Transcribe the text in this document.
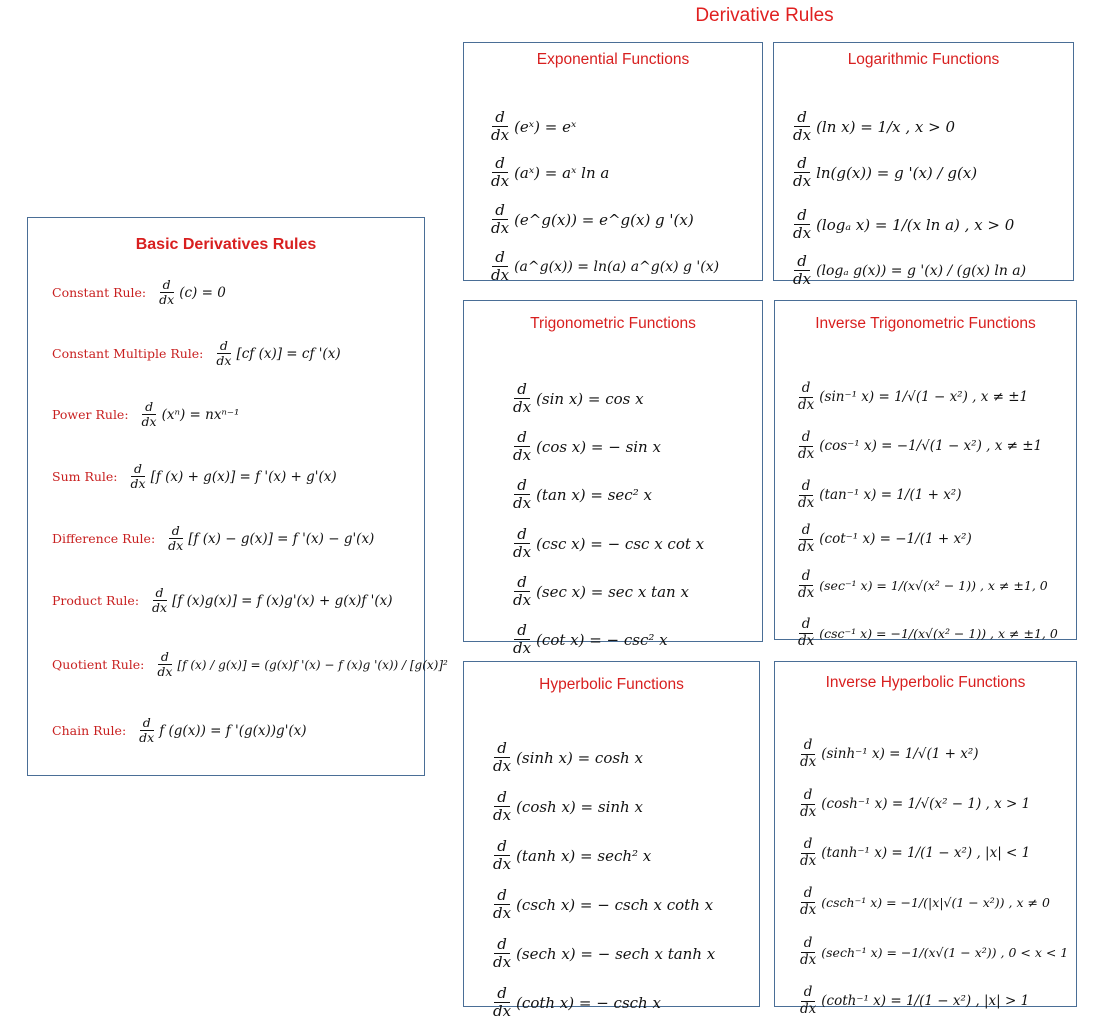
Derivative Rules
Basic Derivatives Rules
Constant Rule: $\frac{d}{dx} (c) = 0$
Constant Multiple Rule: $\frac{d}{dx} [cf$ (x)] = cf '(x)
Power Rule: $\frac{d}{dx} (x^n) = nx^{n-1}$
Sum Rule: $\frac{d}{dx} [f$ (x) + g(x)] = f '(x) + g'(x)
Difference Rule: $\frac{d}{dx} [f$ (x) − g(x)] = f '(x) − g'(x)
Product Rule: $\frac{d}{dx} [f$ (x)g(x)] = f (x)g'(x) + g(x)f '(x)
Quotient Rule: $\frac{d}{dx} [f$ (x) / g(x)] = (g(x)f '(x) − f (x)g '(x)) / [g(x)]²
Chain Rule: $\frac{d}{dx}$ f (g(x)) = f '(g(x))g'(x)
Exponential Functions
$\frac{d}{dx}$ (eˣ) = eˣ
$\frac{d}{dx}$ (aˣ) = aˣ ln a
$\frac{d}{dx}$ (e^g(x)) = e^g(x) g '(x)
$\frac{d}{dx}$ (a^g(x)) = ln(a) a^g(x) g '(x)
Logarithmic Functions
$\frac{d}{dx} (\ln$ x) = 1/x , x > 0
$\frac{d}{dx} \ln(g(x)) = g$ '(x) / g(x)
$\frac{d}{dx} (\log_a$ x) = 1/(x ln a) , x > 0
$\frac{d}{dx} (\log_a$ g(x)) = g '(x) / (g(x) ln a)
Trigonometric Functions
$\frac{d}{dx} (\sin$ x) = cos x
$\frac{d}{dx} (\cos$ x) = − sin x
$\frac{d}{dx} (\tan$ x) = sec² x
$\frac{d}{dx} (\csc$ x) = − csc x cot x
$\frac{d}{dx} (\sec$ x) = sec x tan x
$\frac{d}{dx} (\cot$ x) = − csc² x
Inverse Trigonometric Functions
$\frac{d}{dx} (\sin^{-1}$ x) = 1/√(1 − x²) , x ≠ ±1
$\frac{d}{dx} (\cos^{-1}$ x) = −1/√(1 − x²) , x ≠ ±1
$\frac{d}{dx} (\tan^{-1}$ x) = 1/(1 + x²)
$\frac{d}{dx} (\cot^{-1}$ x) = −1/(1 + x²)
$\frac{d}{dx} (\sec^{-1}$ x) = 1/(x√(x² − 1)) , x ≠ ±1, 0
$\frac{d}{dx} (\csc^{-1}$ x) = −1/(x√(x² − 1)) , x ≠ ±1, 0
Hyperbolic Functions
$\frac{d}{dx} (\sinh$ x) = cosh x
$\frac{d}{dx} (\cosh$ x) = sinh x
$\frac{d}{dx} (\tanh$ x) = sech² x
$\frac{d}{dx} (\csc h$ x) = − csch x coth x
$\frac{d}{dx} (\sec h$ x) = − sech x tanh x
$\frac{d}{dx} (\cot h$ x) = − csch x
Inverse Hyperbolic Functions
$\frac{d}{dx} (\sinh^{-1}$ x) = 1/√(1 + x²)
$\frac{d}{dx} (\cosh^{-1}$ x) = 1/√(x² − 1) , x > 1
$\frac{d}{dx} (\tanh^{-1}$ x) = 1/(1 − x²) , |x| < 1
$\frac{d}{dx} (\csc h^{-1}$ x) = −1/(|x|√(1 − x²)) , x ≠ 0
$\frac{d}{dx} (\sec h^{-1}$ x) = −1/(x√(1 − x²)) , 0 < x < 1
$\frac{d}{dx} (\cot h^{-1}$ x) = 1/(1 − x²) , |x| > 1
